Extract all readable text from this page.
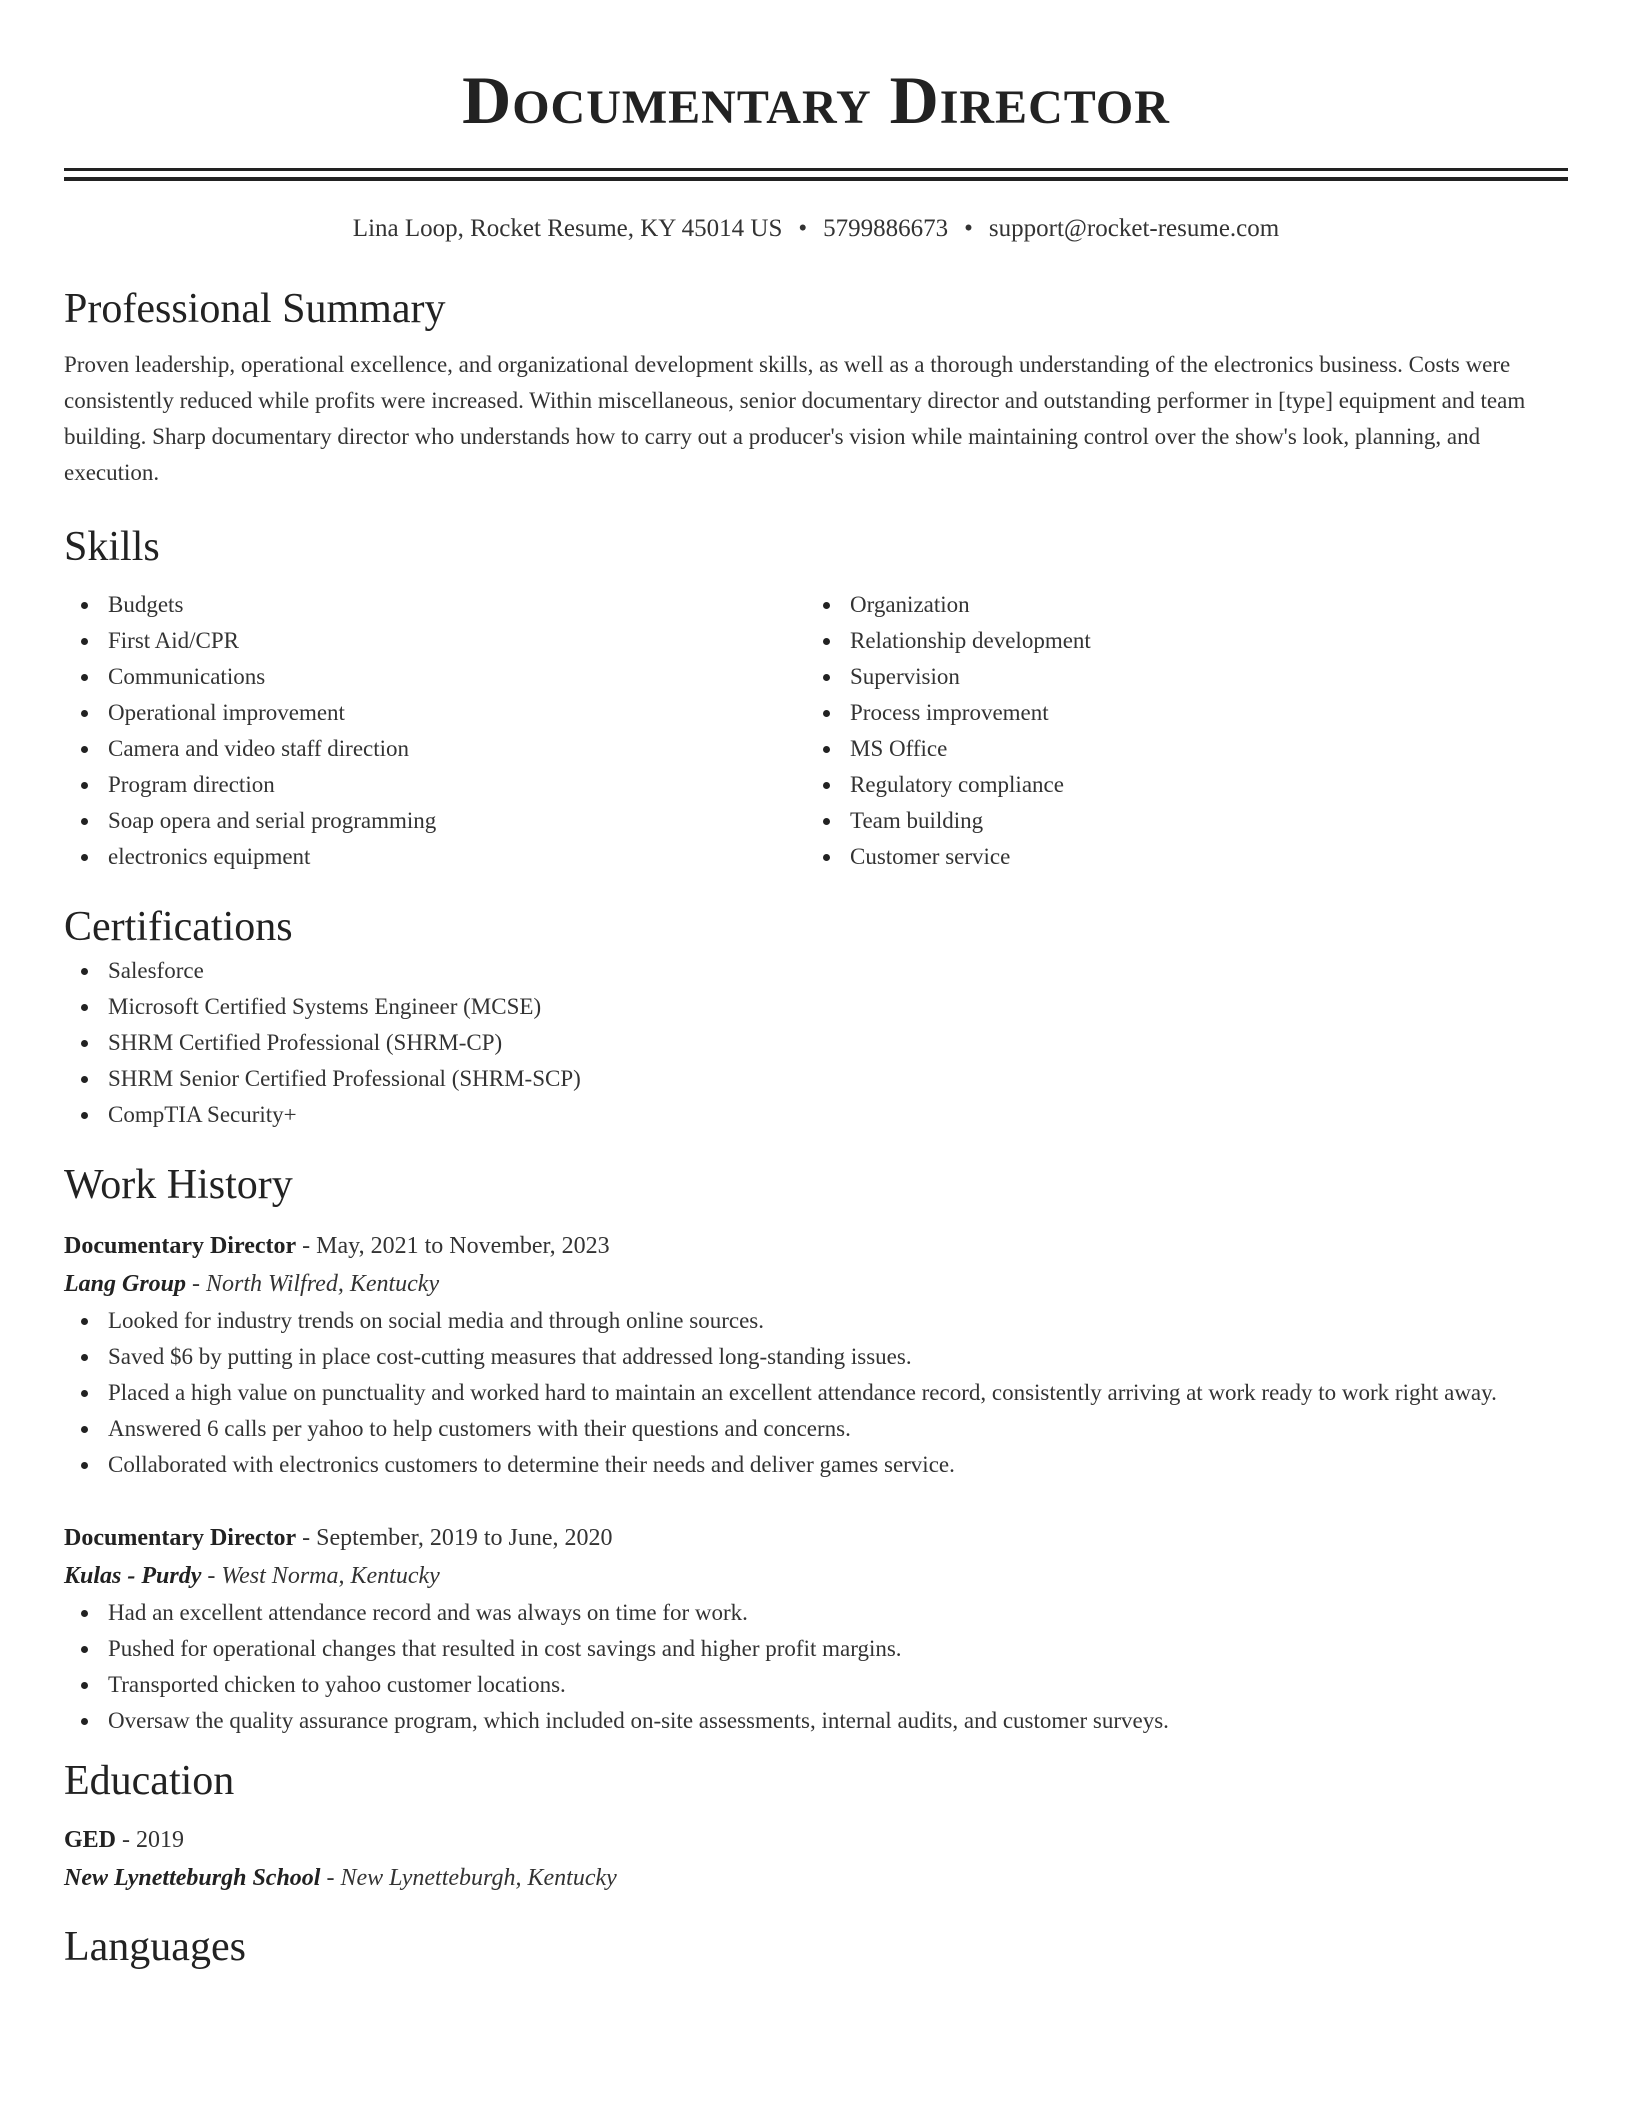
Documentary Director
Lina Loop, Rocket Resume, KY 45014 US • 5799886673 • support@rocket-resume.com
Professional Summary
Proven leadership, operational excellence, and organizational development skills, as well as a thorough understanding of the electronics business. Costs were consistently reduced while profits were increased. Within miscellaneous, senior documentary director and outstanding performer in [type] equipment and team building. Sharp documentary director who understands how to carry out a producer's vision while maintaining control over the show's look, planning, and execution.
Skills
Budgets
First Aid/CPR
Communications
Operational improvement
Camera and video staff direction
Program direction
Soap opera and serial programming
electronics equipment
Organization
Relationship development
Supervision
Process improvement
MS Office
Regulatory compliance
Team building
Customer service
Certifications
Salesforce
Microsoft Certified Systems Engineer (MCSE)
SHRM Certified Professional (SHRM-CP)
SHRM Senior Certified Professional (SHRM-SCP)
CompTIA Security+
Work History
Documentary Director - May, 2021 to November, 2023
Lang Group - North Wilfred, Kentucky
Looked for industry trends on social media and through online sources.
Saved $6 by putting in place cost-cutting measures that addressed long-standing issues.
Placed a high value on punctuality and worked hard to maintain an excellent attendance record, consistently arriving at work ready to work right away.
Answered 6 calls per yahoo to help customers with their questions and concerns.
Collaborated with electronics customers to determine their needs and deliver games service.
Documentary Director - September, 2019 to June, 2020
Kulas - Purdy - West Norma, Kentucky
Had an excellent attendance record and was always on time for work.
Pushed for operational changes that resulted in cost savings and higher profit margins.
Transported chicken to yahoo customer locations.
Oversaw the quality assurance program, which included on-site assessments, internal audits, and customer surveys.
Education
GED - 2019
New Lynetteburgh School - New Lynetteburgh, Kentucky
Languages
